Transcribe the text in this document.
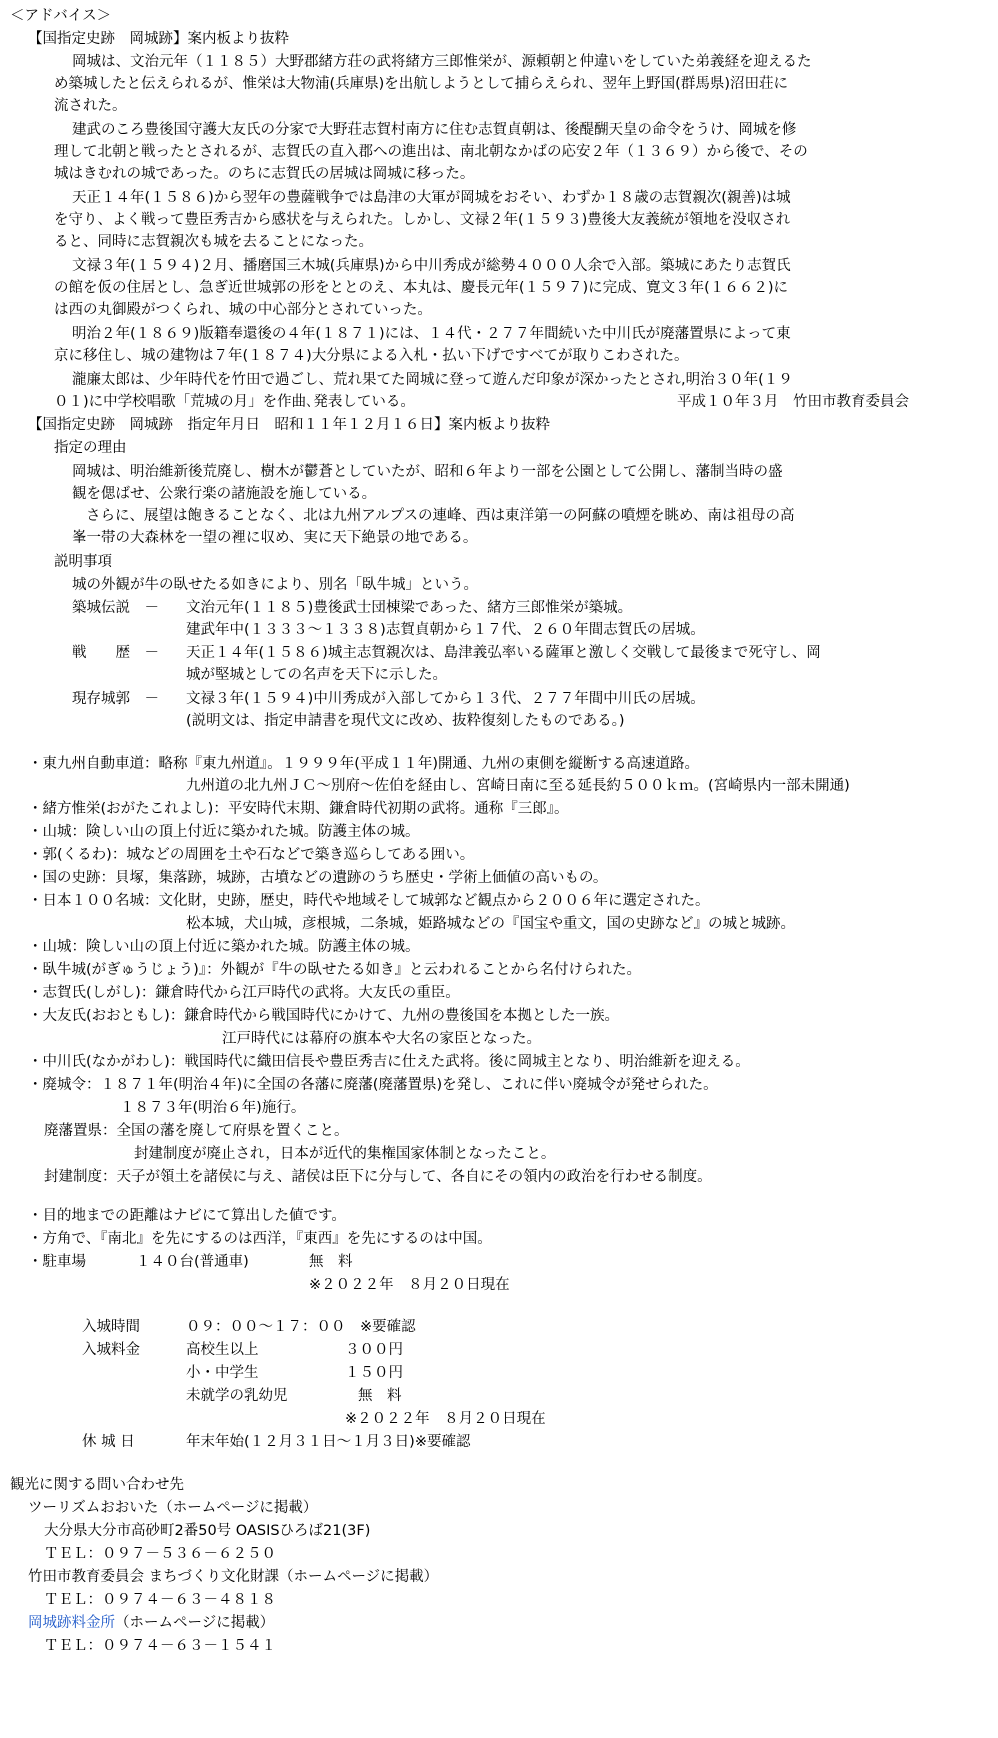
＜アドバイス＞
【国指定史跡　岡城跡】案内板より抜粋
岡城は、文治元年（１１８５）大野郡緒方荘の武将緒方三郎惟栄が、源頼朝と仲違いをしていた弟義経を迎えるた
め築城したと伝えられるが、惟栄は大物浦(兵庫県)を出航しようとして捕らえられ、翌年上野国(群馬県)沼田荘に
流された。
建武のころ豊後国守護大友氏の分家で大野荘志賀村南方に住む志賀貞朝は、後醍醐天皇の命令をうけ、岡城を修
理して北朝と戦ったとされるが、志賀氏の直入郡への進出は、南北朝なかばの応安２年（１３６９）から後で、その
城はきむれの城であった。のちに志賀氏の居城は岡城に移った。
天正１４年(１５８６)から翌年の豊薩戦争では島津の大軍が岡城をおそい、わずか１８歳の志賀親次(親善)は城
を守り、よく戦って豊臣秀吉から感状を与えられた。しかし、文禄２年(１５９３)豊後大友義統が領地を没収され
ると、同時に志賀親次も城を去ることになった。
文禄３年(１５９４)２月、播磨国三木城(兵庫県)から中川秀成が総勢４０００人余で入部。築城にあたり志賀氏
の館を仮の住居とし、急ぎ近世城郭の形をととのえ、本丸は、慶長元年(１５９７)に完成、寛文３年(１６６２)に
は西の丸御殿がつくられ、城の中心部分とされていった。
明治２年(１８６９)版籍奉還後の４年(１８７１)には、１４代・２７７年間続いた中川氏が廃藩置県によって東
京に移住し、城の建物は７年(１８７４)大分県による入札・払い下げですべてが取りこわされた。
瀧廉太郎は、少年時代を竹田で過ごし、荒れ果てた岡城に登って遊んだ印象が深かったとされ,明治３０年(１９
０１)に中学校唱歌「荒城の月」を作曲､発表している。	平成１０年３月　竹田市教育委員会
【国指定史跡　岡城跡　指定年月日　昭和１１年１２月１６日】案内板より抜粋
指定の理由
岡城は、明治維新後荒廃し、樹木が鬱蒼としていたが、昭和６年より一部を公園として公開し、藩制当時の盛
観を偲ばせ、公衆行楽の諸施設を施している。
さらに、展望は飽きることなく、北は九州アルプスの連峰、西は東洋第一の阿蘇の噴煙を眺め、南は祖母の高
峯一帯の大森林を一望の裡に収め、実に天下絶景の地である。
説明事項
城の外観が牛の臥せたる如きにより、別名「臥牛城」という。
築城伝説　－ 文治元年(１１８５)豊後武士団棟梁であった、緒方三郎惟栄が築城。
建武年中(１３３３～１３３８)志賀貞朝から１７代、２６０年間志賀氏の居城。
戦　　歴　－ 天正１４年(１５８６)城主志賀親次は、島津義弘率いる薩軍と激しく交戦して最後まで死守し、岡
城が堅城としての名声を天下に示した。
現存城郭　－ 文禄３年(１５９４)中川秀成が入部してから１３代、２７７年間中川氏の居城。
(説明文は、指定申請書を現代文に改め、抜粋復刻したものである。)
・東九州自動車道：略称『東九州道』。１９９９年(平成１１年)開通、九州の東側を縦断する高速道路。
九州道の北九州ＪＣ～別府～佐伯を経由し、宮崎日南に至る延長約５００ｋｍ。(宮崎県内一部未開通)
・緒方惟栄(おがたこれよし)：平安時代末期、鎌倉時代初期の武将。通称『三郎』。
・山城：険しい山の頂上付近に築かれた城。防護主体の城。
・郭(くるわ)：城などの周囲を土や石などで築き巡らしてある囲い。
・国の史跡：貝塚，集落跡，城跡，古墳などの遺跡のうち歴史・学術上価値の高いもの。
・日本１００名城：文化財，史跡，歴史，時代や地域そして城郭など観点から２００６年に選定された。
松本城，犬山城，彦根城，二条城，姫路城などの『国宝や重文，国の史跡など』の城と城跡。
・山城：険しい山の頂上付近に築かれた城。防護主体の城。
・臥牛城(がぎゅうじょう)』：外観が『牛の臥せたる如き』と云われることから名付けられた。
・志賀氏(しがし)：鎌倉時代から江戸時代の武将。大友氏の重臣。
・大友氏(おおともし)：鎌倉時代から戦国時代にかけて、九州の豊後国を本拠とした一族。
江戸時代には幕府の旗本や大名の家臣となった。
・中川氏(なかがわし)：戦国時代に織田信長や豊臣秀吉に仕えた武将。後に岡城主となり、明治維新を迎える。
・廃城令：１８７１年(明治４年)に全国の各藩に廃藩(廃藩置県)を発し、これに伴い廃城令が発せられた。
１８７３年(明治６年)施行。
廃藩置県：全国の藩を廃して府県を置くこと。
封建制度が廃止され，日本が近代的集権国家体制となったこと。
封建制度：天子が領土を諸侯に与え、諸侯は臣下に分与して、各自にその領内の政治を行わせる制度。
・目的地までの距離はナビにて算出した値です。
・方角で、『南北』を先にするのは西洋，『東西』を先にするのは中国。
・駐車場	１４０台(普通車)	無　料
※２０２２年　８月２０日現在
入城時間	０９：００～１７：００　※要確認
入城料金	高校生以上	３００円
小・中学生	１５０円
未就学の乳幼児	無　料
※２０２２年　８月２０日現在
休 城 日	年末年始(１２月３１日～１月３日)※要確認
観光に関する問い合わせ先
ツーリズムおおいた（ホームページに掲載）
大分県大分市高砂町2番50号 OASISひろば21(3F)
ＴＥＬ：０９７－５３６－６２５０
竹田市教育委員会 まちづくり文化財課（ホームページに掲載）
ＴＥＬ：０９７４－６３－４８１８
岡城跡料金所（ホームページに掲載）
ＴＥＬ：０９７４－６３－１５４１
